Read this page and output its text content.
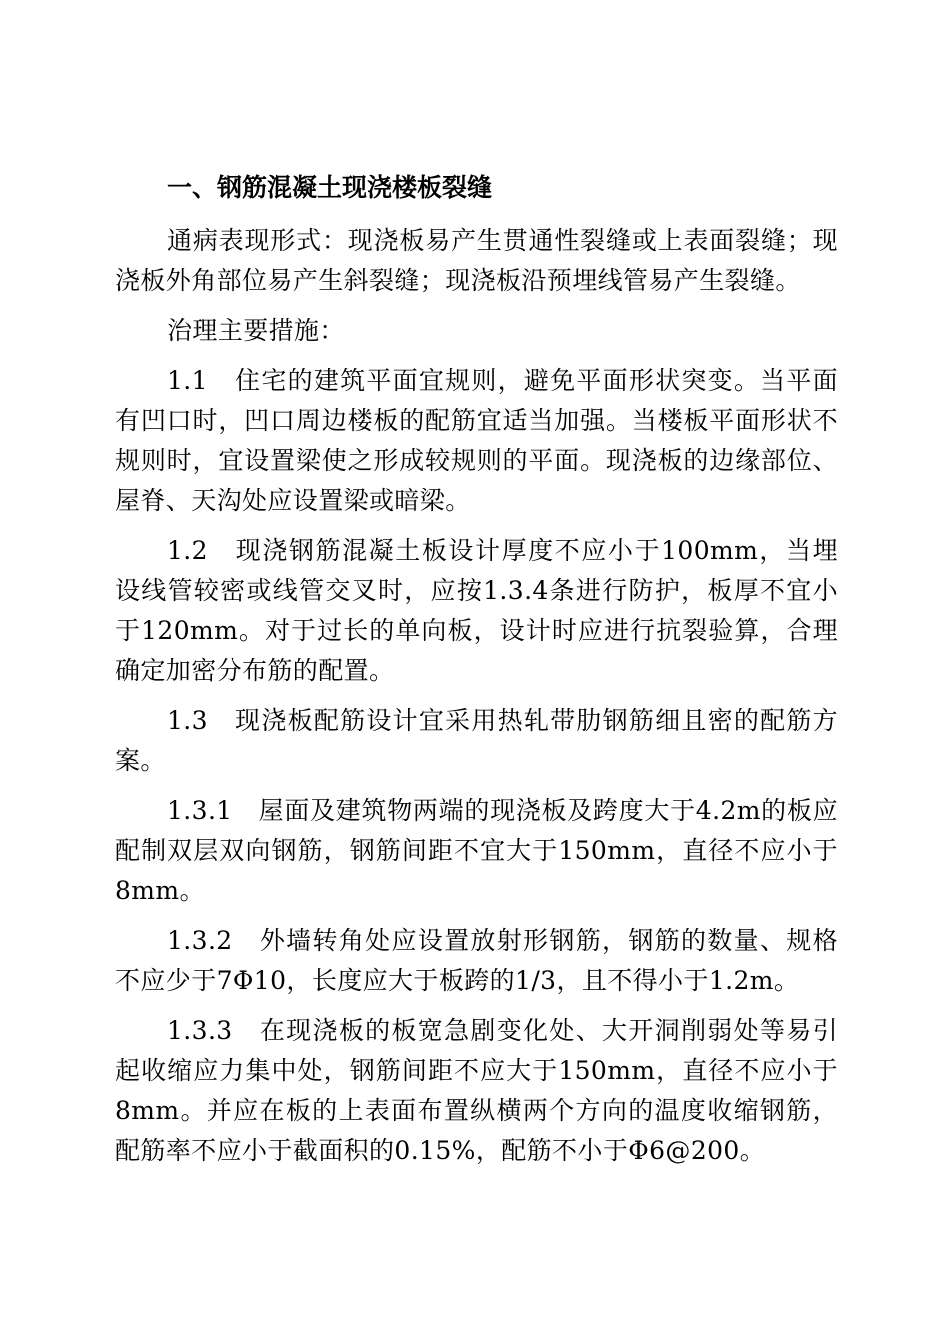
一、钢筋混凝土现浇楼板裂缝

通病表现形式：现浇板易产生贯通性裂缝或上表面裂缝；现浇板外角部位易产生斜裂缝；现浇板沿预埋线管易产生裂缝。

治理主要措施：

1.1　住宅的建筑平面宜规则，避免平面形状突变。当平面有凹口时，凹口周边楼板的配筋宜适当加强。当楼板平面形状不规则时，宜设置梁使之形成较规则的平面。现浇板的边缘部位、屋脊、天沟处应设置梁或暗梁。

1.2　现浇钢筋混凝土板设计厚度不应小于100mm，当埋设线管较密或线管交叉时，应按1.3.4条进行防护，板厚不宜小于120mm。对于过长的单向板，设计时应进行抗裂验算，合理确定加密分布筋的配置。

1.3　现浇板配筋设计宜采用热轧带肋钢筋细且密的配筋方案。

1.3.1　屋面及建筑物两端的现浇板及跨度大于4.2m的板应配制双层双向钢筋，钢筋间距不宜大于150mm，直径不应小于8mm。

1.3.2　外墙转角处应设置放射形钢筋，钢筋的数量、规格不应少于7Φ10，长度应大于板跨的1/3，且不得小于1.2m。

1.3.3　在现浇板的板宽急剧变化处、大开洞削弱处等易引起收缩应力集中处，钢筋间距不应大于150mm，直径不应小于8mm。并应在板的上表面布置纵横两个方向的温度收缩钢筋，配筋率不应小于截面积的0.15%，配筋不小于Φ6@200。
